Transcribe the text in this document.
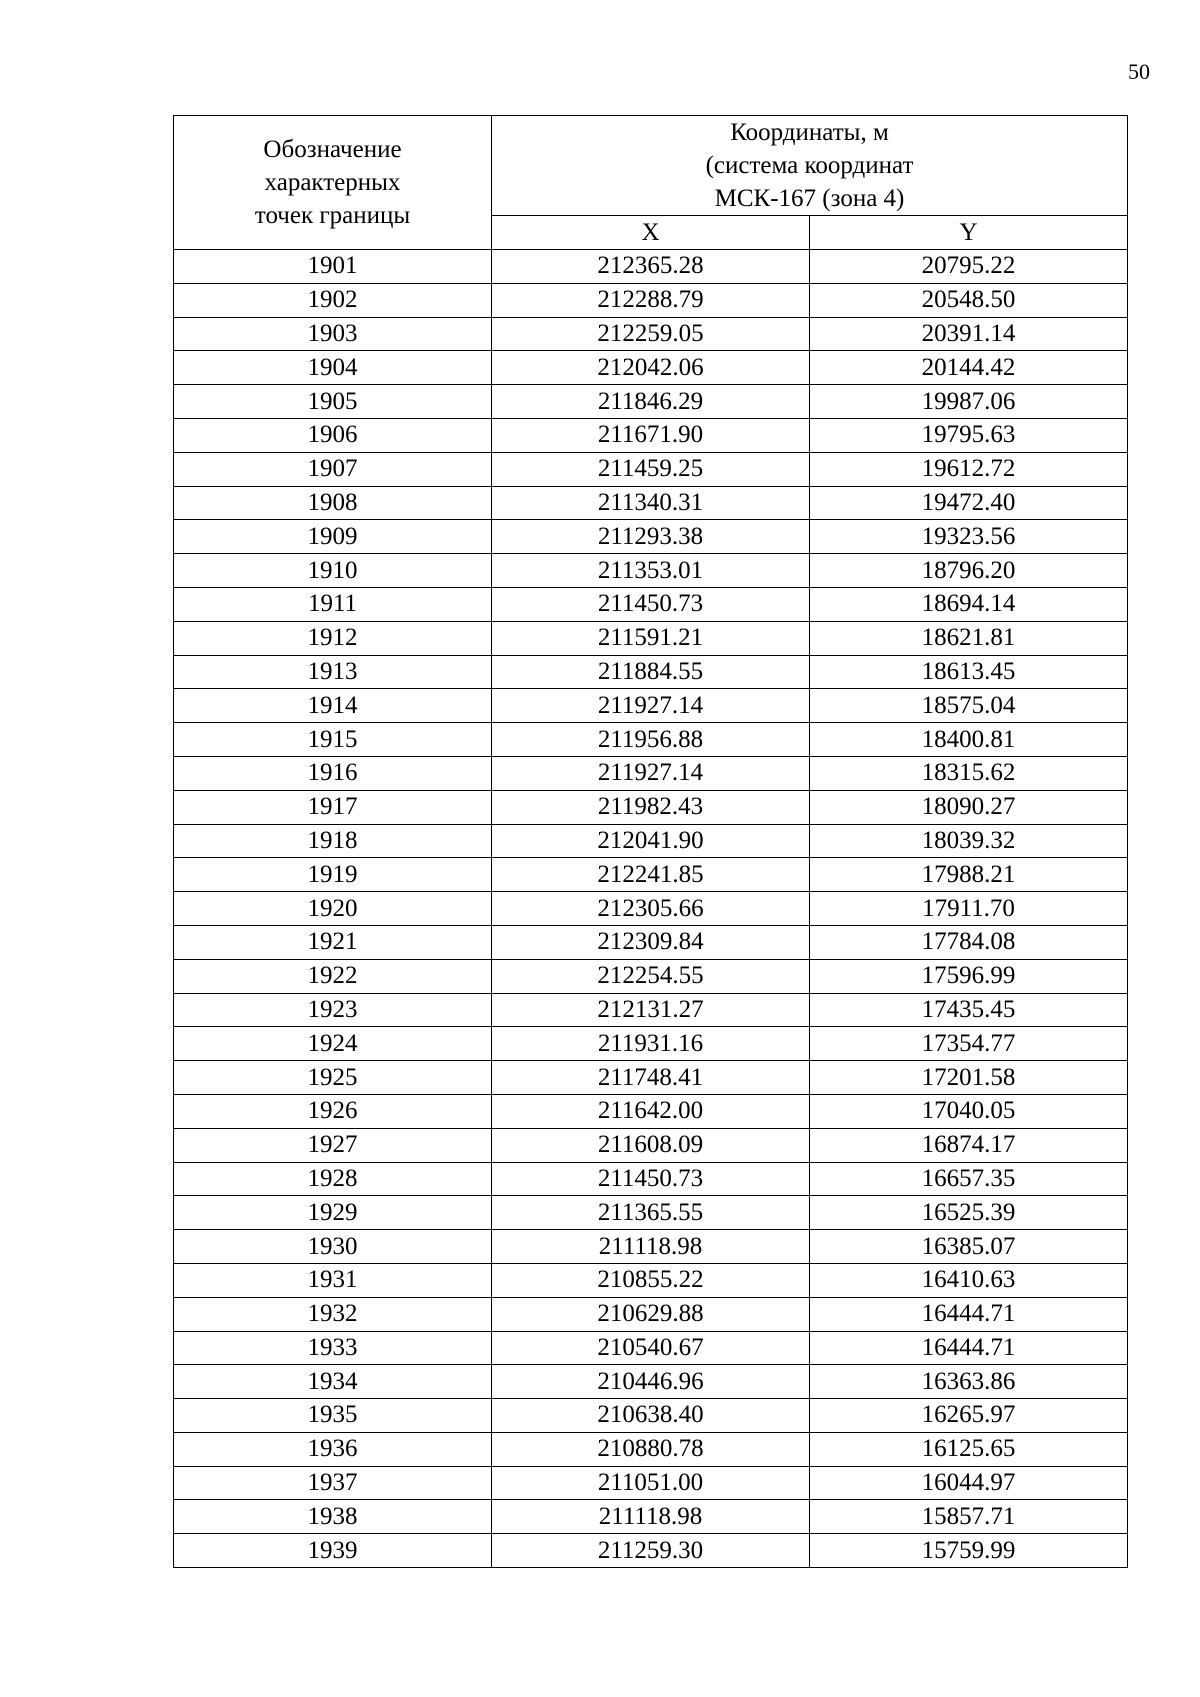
50
Обозначение
характерных
точек границы	Координаты, м
(система координат
МСК-167 (зона 4)	

	X	Y
1901	212365.28	20795.22
1902	212288.79	20548.50
1903	212259.05	20391.14
1904	212042.06	20144.42
1905	211846.29	19987.06
1906	211671.90	19795.63
1907	211459.25	19612.72
1908	211340.31	19472.40
1909	211293.38	19323.56
1910	211353.01	18796.20
1911	211450.73	18694.14
1912	211591.21	18621.81
1913	211884.55	18613.45
1914	211927.14	18575.04
1915	211956.88	18400.81
1916	211927.14	18315.62
1917	211982.43	18090.27
1918	212041.90	18039.32
1919	212241.85	17988.21
1920	212305.66	17911.70
1921	212309.84	17784.08
1922	212254.55	17596.99
1923	212131.27	17435.45
1924	211931.16	17354.77
1925	211748.41	17201.58
1926	211642.00	17040.05
1927	211608.09	16874.17
1928	211450.73	16657.35
1929	211365.55	16525.39
1930	211118.98	16385.07
1931	210855.22	16410.63
1932	210629.88	16444.71
1933	210540.67	16444.71
1934	210446.96	16363.86
1935	210638.40	16265.97
1936	210880.78	16125.65
1937	211051.00	16044.97
1938	211118.98	15857.71
1939	211259.30	15759.99
